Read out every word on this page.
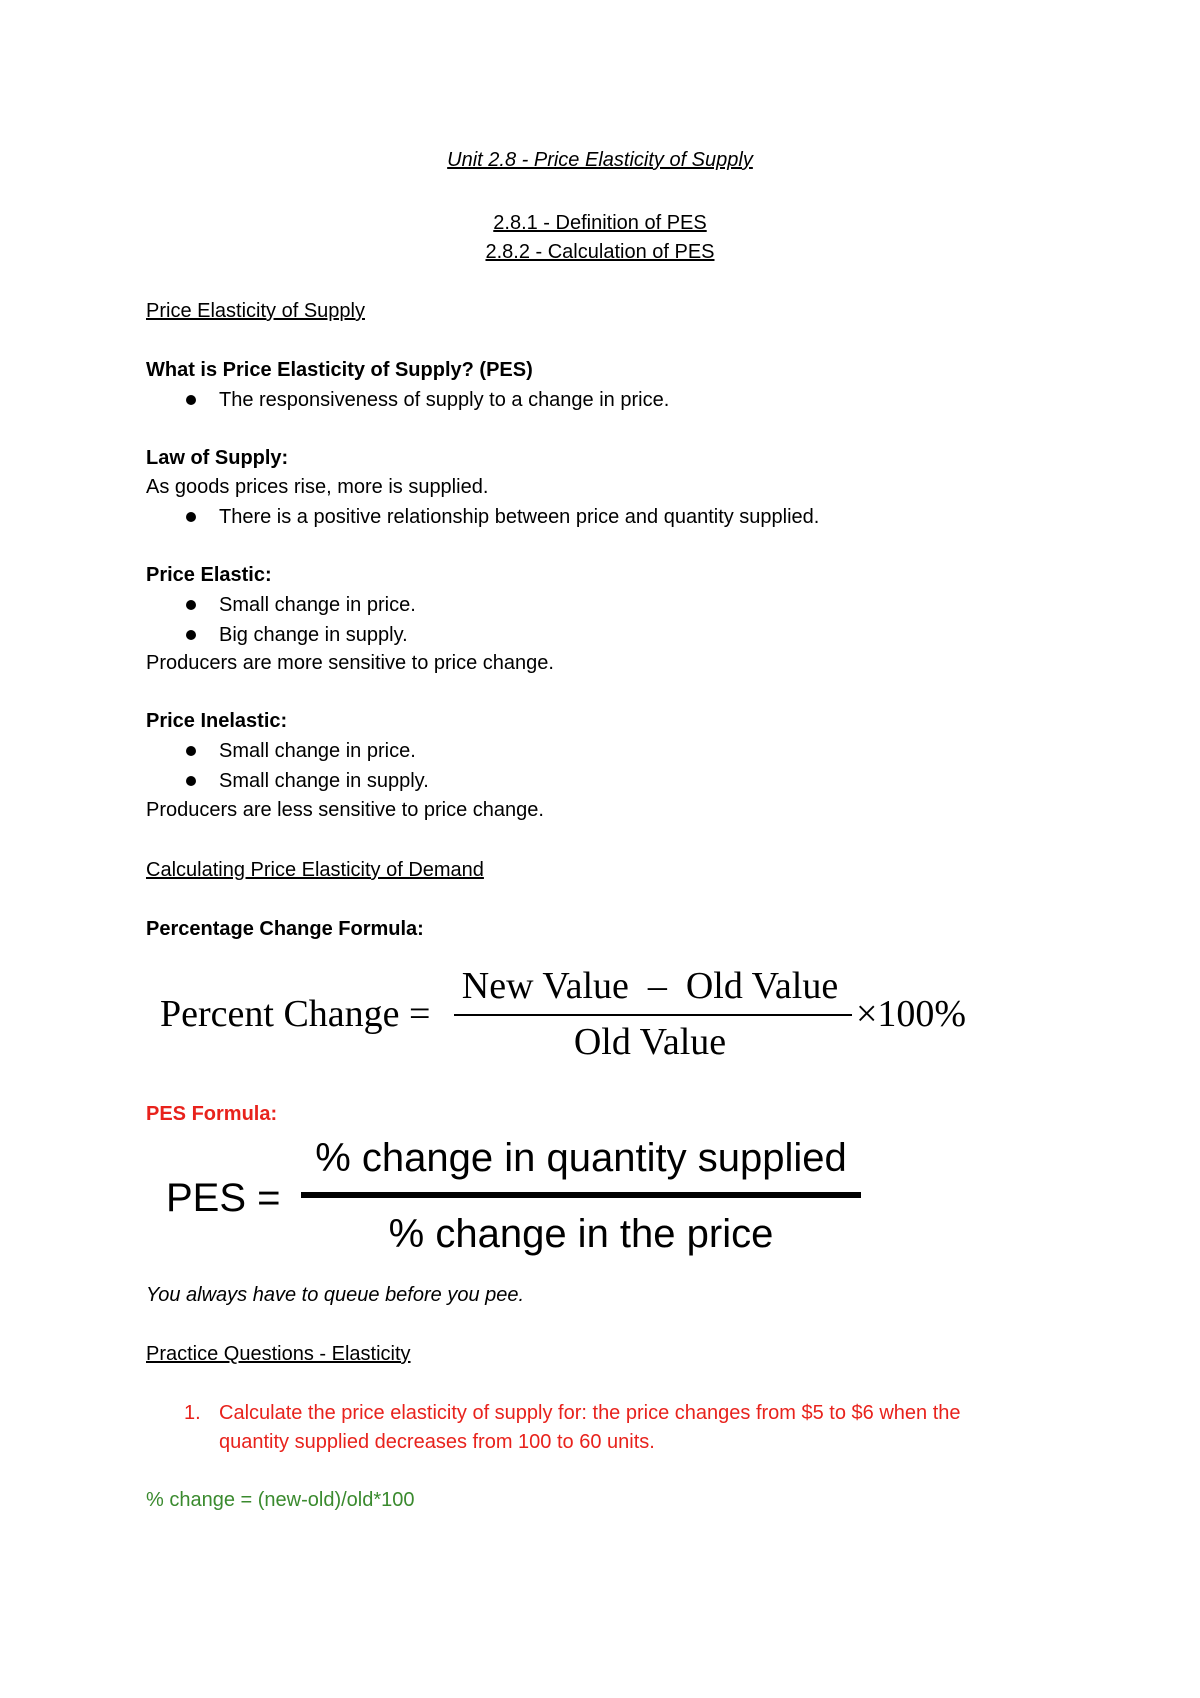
Unit 2.8 - Price Elasticity of Supply
2.8.1 - Definition of PES
2.8.2 - Calculation of PES
Price Elasticity of Supply
What is Price Elasticity of Supply? (PES)
The responsiveness of supply to a change in price.
Law of Supply:
As goods prices rise, more is supplied.
There is a positive relationship between price and quantity supplied.
Price Elastic:
Small change in price.
Big change in supply.
Producers are more sensitive to price change.
Price Inelastic:
Small change in price.
Small change in supply.
Producers are less sensitive to price change.
Calculating Price Elasticity of Demand
Percentage Change Formula:
Percent Change =
New Value  –  Old Value
Old Value
×100%
PES Formula:
PES =
% change in quantity supplied
% change in the price
You always have to queue before you pee.
Practice Questions - Elasticity
1. Calculate the price elasticity of supply for: the price changes from $5 to $6 when the
quantity supplied decreases from 100 to 60 units.
% change = (new-old)/old*100
